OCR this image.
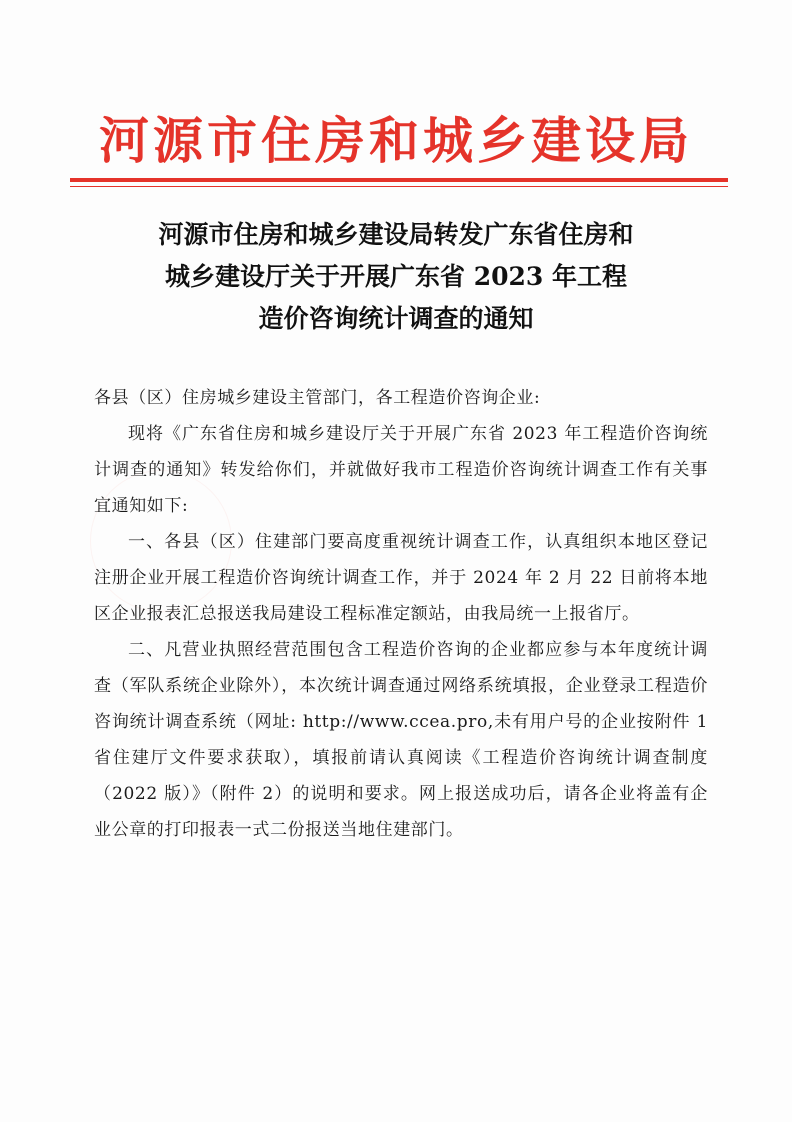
河源市住房和城乡建设局
河源市住房和城乡建设局转发广东省住房和
城乡建设厅关于开展广东省 2023 年工程
造价咨询统计调查的通知

各县（区）住房城乡建设主管部门，各工程造价咨询企业:

现将《广东省住房和城乡建设厅关于开展广东省 2023 年工程造价咨询统计调查的通知》转发给你们，并就做好我市工程造价咨询统计调查工作有关事宜通知如下:

一、各县（区）住建部门要高度重视统计调查工作，认真组织本地区登记注册企业开展工程造价咨询统计调查工作，并于 2024 年 2 月 22 日前将本地区企业报表汇总报送我局建设工程标准定额站，由我局统一上报省厅。

二、凡营业执照经营范围包含工程造价咨询的企业都应参与本年度统计调查（军队系统企业除外），本次统计调查通过网络系统填报，企业登录工程造价咨询统计调查系统（网址: http://www.ccea.pro,未有用户号的企业按附件 1 省住建厅文件要求获取），填报前请认真阅读《工程造价咨询统计调查制度（2022 版）》（附件 2）的说明和要求。网上报送成功后，请各企业将盖有企业公章的打印报表一式二份报送当地住建部门。
